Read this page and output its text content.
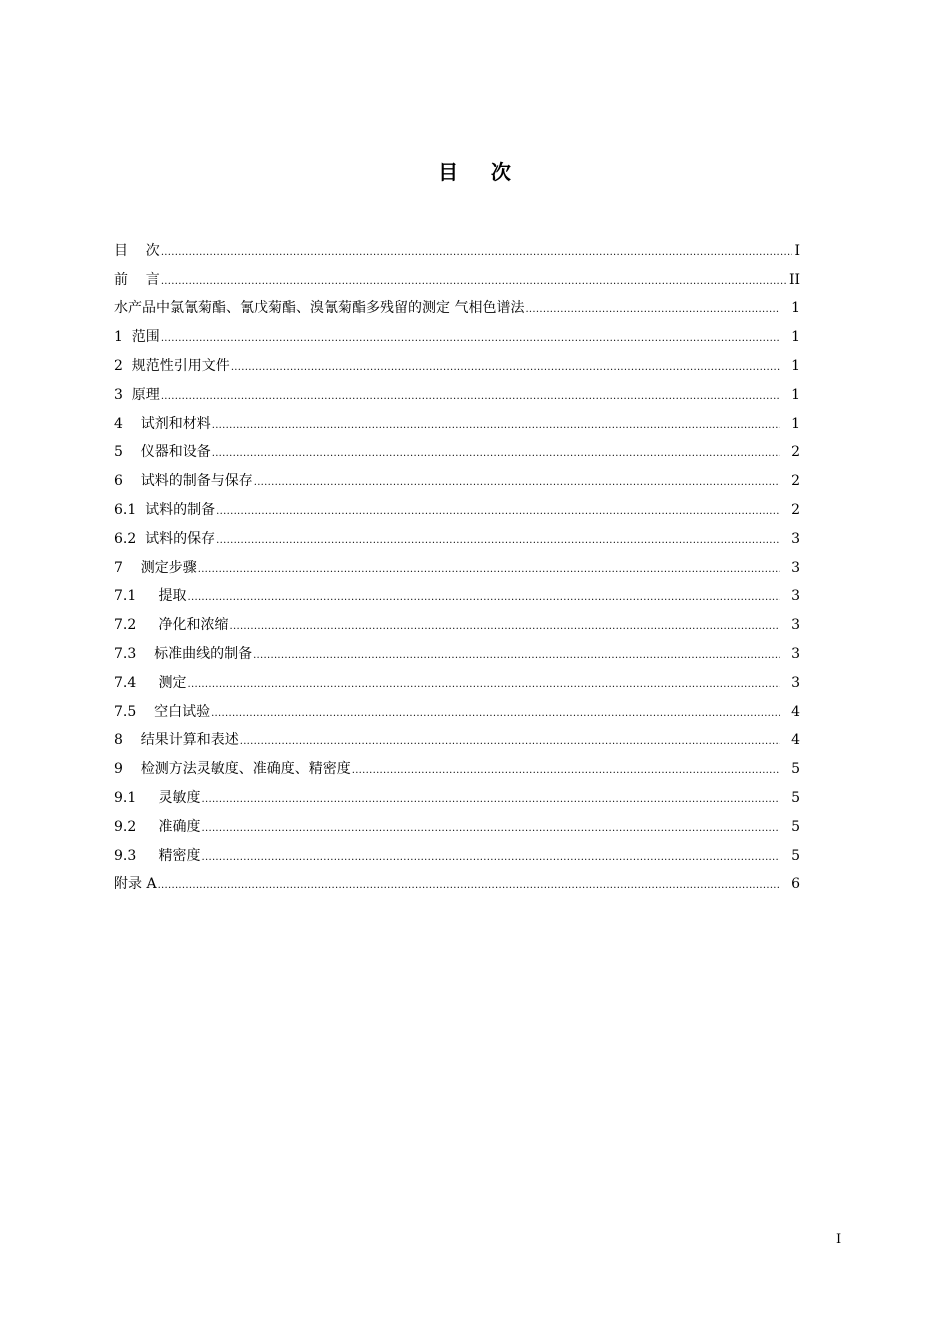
目    次
目    次 .....	I
前    言 .....	II
水产品中氯氰菊酯、氰戊菊酯、溴氰菊酯多残留的测定 气相色谱法 .....	1
1  范围 .....	1
2  规范性引用文件 .....	1
3  原理 .....	1
4    试剂和材料 .....	1
5    仪器和设备 .....	2
6    试料的制备与保存 .....	2
6.1  试料的制备 .....	2
6.2  试料的保存 .....	3
7    测定步骤 .....	3
7.1     提取 .....	3
7.2     净化和浓缩 .....	3
7.3    标准曲线的制备 .....	3
7.4     测定 .....	3
7.5    空白试验 .....	4
8    结果计算和表述 .....	4
9    检测方法灵敏度、准确度、精密度 .....	5
9.1     灵敏度 .....	5
9.2     准确度 .....	5
9.3     精密度 .....	5
附录 A .....	6
I
